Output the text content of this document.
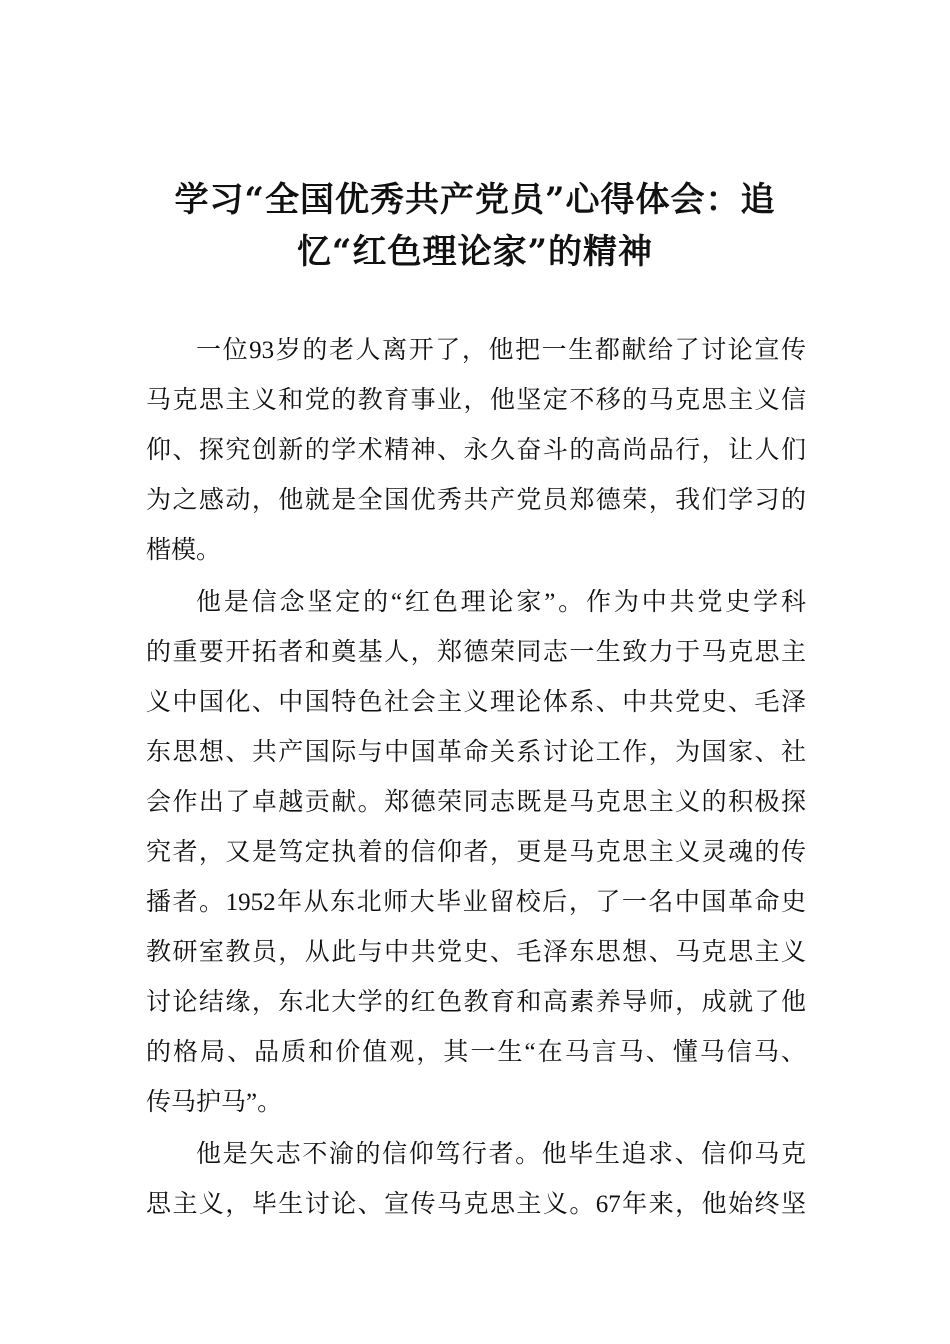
学习“全国优秀共产党员”心得体会：追
忆“红色理论家”的精神
一位93岁的老人离开了，他把一生都献给了讨论宣传
马克思主义和党的教育事业，他坚定不移的马克思主义信
仰、探究创新的学术精神、永久奋斗的高尚品行，让人们
为之感动，他就是全国优秀共产党员郑德荣，我们学习的
楷模。
他是信念坚定的“红色理论家”。作为中共党史学科
的重要开拓者和奠基人，郑德荣同志一生致力于马克思主
义中国化、中国特色社会主义理论体系、中共党史、毛泽
东思想、共产国际与中国革命关系讨论工作，为国家、社
会作出了卓越贡献。郑德荣同志既是马克思主义的积极探
究者，又是笃定执着的信仰者，更是马克思主义灵魂的传
播者。1952年从东北师大毕业留校后，了一名中国革命史
教研室教员，从此与中共党史、毛泽东思想、马克思主义
讨论结缘，东北大学的红色教育和高素养导师，成就了他
的格局、品质和价值观，其一生“在马言马、懂马信马、
传马护马”。
他是矢志不渝的信仰笃行者。他毕生追求、信仰马克
思主义，毕生讨论、宣传马克思主义。67年来，他始终坚
